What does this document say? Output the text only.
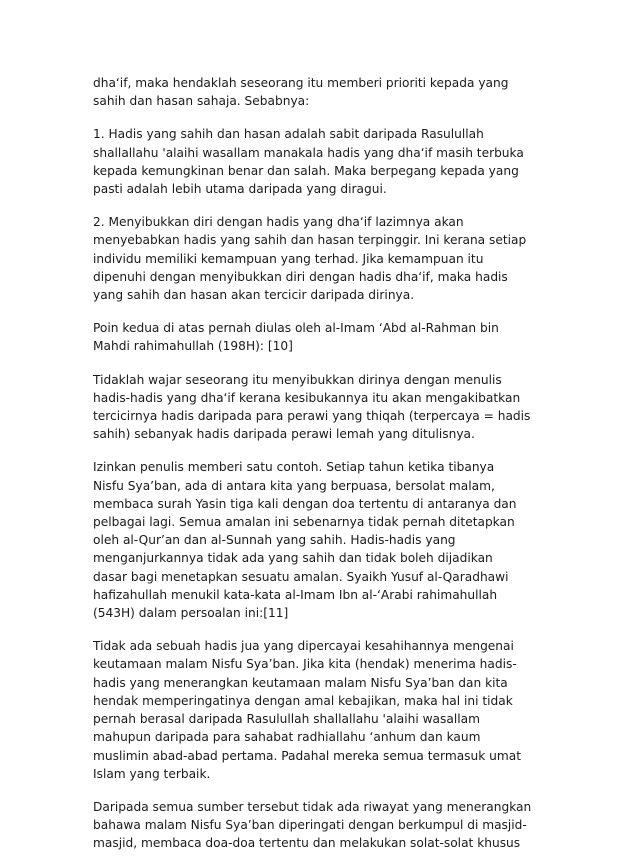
dha‘if, maka hendaklah seseorang itu memberi prioriti kepada yang
sahih dan hasan sahaja. Sebabnya:

1. Hadis yang sahih dan hasan adalah sabit daripada Rasulullah
shallallahu 'alaihi wasallam manakala hadis yang dha‘if masih terbuka
kepada kemungkinan benar dan salah. Maka berpegang kepada yang
pasti adalah lebih utama daripada yang diragui.

2. Menyibukkan diri dengan hadis yang dha‘if lazimnya akan
menyebabkan hadis yang sahih dan hasan terpinggir. Ini kerana setiap
individu memiliki kemampuan yang terhad. Jika kemampuan itu
dipenuhi dengan menyibukkan diri dengan hadis dha‘if, maka hadis
yang sahih dan hasan akan tercicir daripada dirinya.

Poin kedua di atas pernah diulas oleh al-Imam ‘Abd al-Rahman bin
Mahdi rahimahullah (198H): [10]

Tidaklah wajar seseorang itu menyibukkan dirinya dengan menulis
hadis-hadis yang dha‘if kerana kesibukannya itu akan mengakibatkan
tercicirnya hadis daripada para perawi yang thiqah (terpercaya = hadis
sahih) sebanyak hadis daripada perawi lemah yang ditulisnya.

Izinkan penulis memberi satu contoh. Setiap tahun ketika tibanya
Nisfu Sya’ban, ada di antara kita yang berpuasa, bersolat malam,
membaca surah Yasin tiga kali dengan doa tertentu di antaranya dan
pelbagai lagi. Semua amalan ini sebenarnya tidak pernah ditetapkan
oleh al-Qur’an dan al-Sunnah yang sahih. Hadis-hadis yang
menganjurkannya tidak ada yang sahih dan tidak boleh dijadikan
dasar bagi menetapkan sesuatu amalan. Syaikh Yusuf al-Qaradhawi
hafizahullah menukil kata-kata al-Imam Ibn al-‘Arabi rahimahullah
(543H) dalam persoalan ini:[11]

Tidak ada sebuah hadis jua yang dipercayai kesahihannya mengenai
keutamaan malam Nisfu Sya’ban. Jika kita (hendak) menerima hadis-
hadis yang menerangkan keutamaan malam Nisfu Sya’ban dan kita
hendak memperingatinya dengan amal kebajikan, maka hal ini tidak
pernah berasal daripada Rasulullah shallallahu 'alaihi wasallam
mahupun daripada para sahabat radhiallahu ‘anhum dan kaum
muslimin abad-abad pertama. Padahal mereka semua termasuk umat
Islam yang terbaik.

Daripada semua sumber tersebut tidak ada riwayat yang menerangkan
bahawa malam Nisfu Sya’ban diperingati dengan berkumpul di masjid-
masjid, membaca doa-doa tertentu dan melakukan solat-solat khusus
